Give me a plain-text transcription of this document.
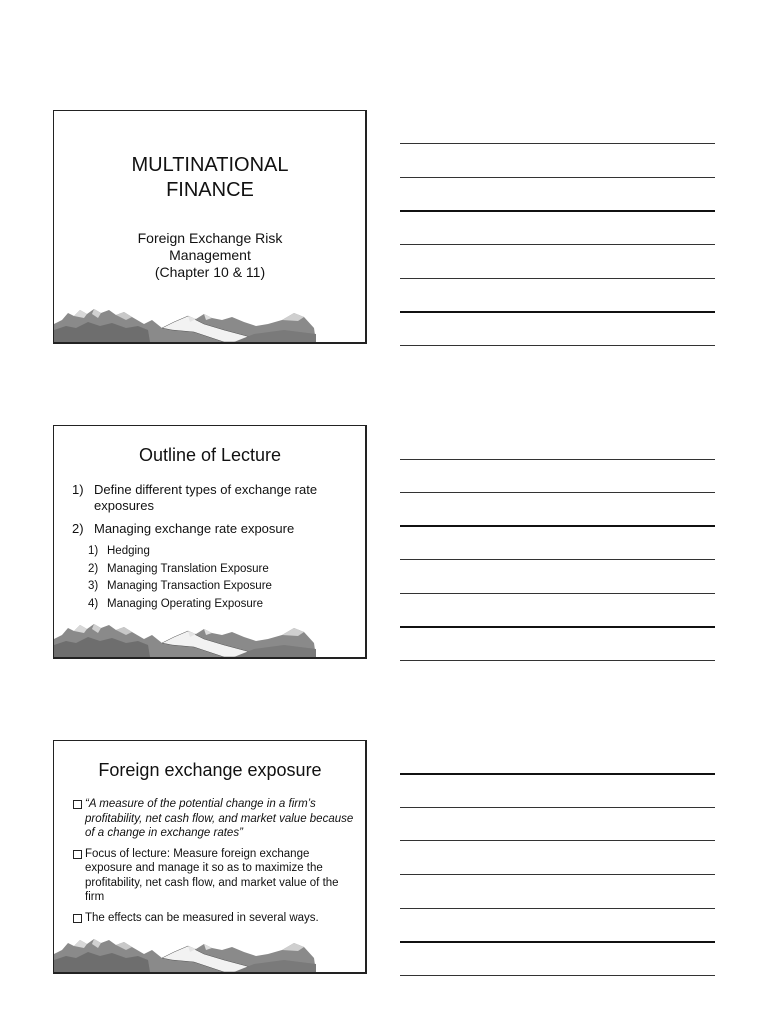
MULTINATIONAL
FINANCE
Foreign Exchange Risk
Management
(Chapter 10 & 11)
Outline of Lecture
1) Define different types of exchange rate exposures
2) Managing exchange rate exposure
1) Hedging
2) Managing Translation Exposure
3) Managing Transaction Exposure
4) Managing Operating Exposure
Foreign exchange exposure
“A measure of the potential change in a firm’s profitability, net cash flow, and market value because of a change in exchange rates”
Focus of lecture: Measure foreign exchange exposure and manage it so as to maximize the profitability, net cash flow, and market value of the firm
The effects can be measured in several ways.
